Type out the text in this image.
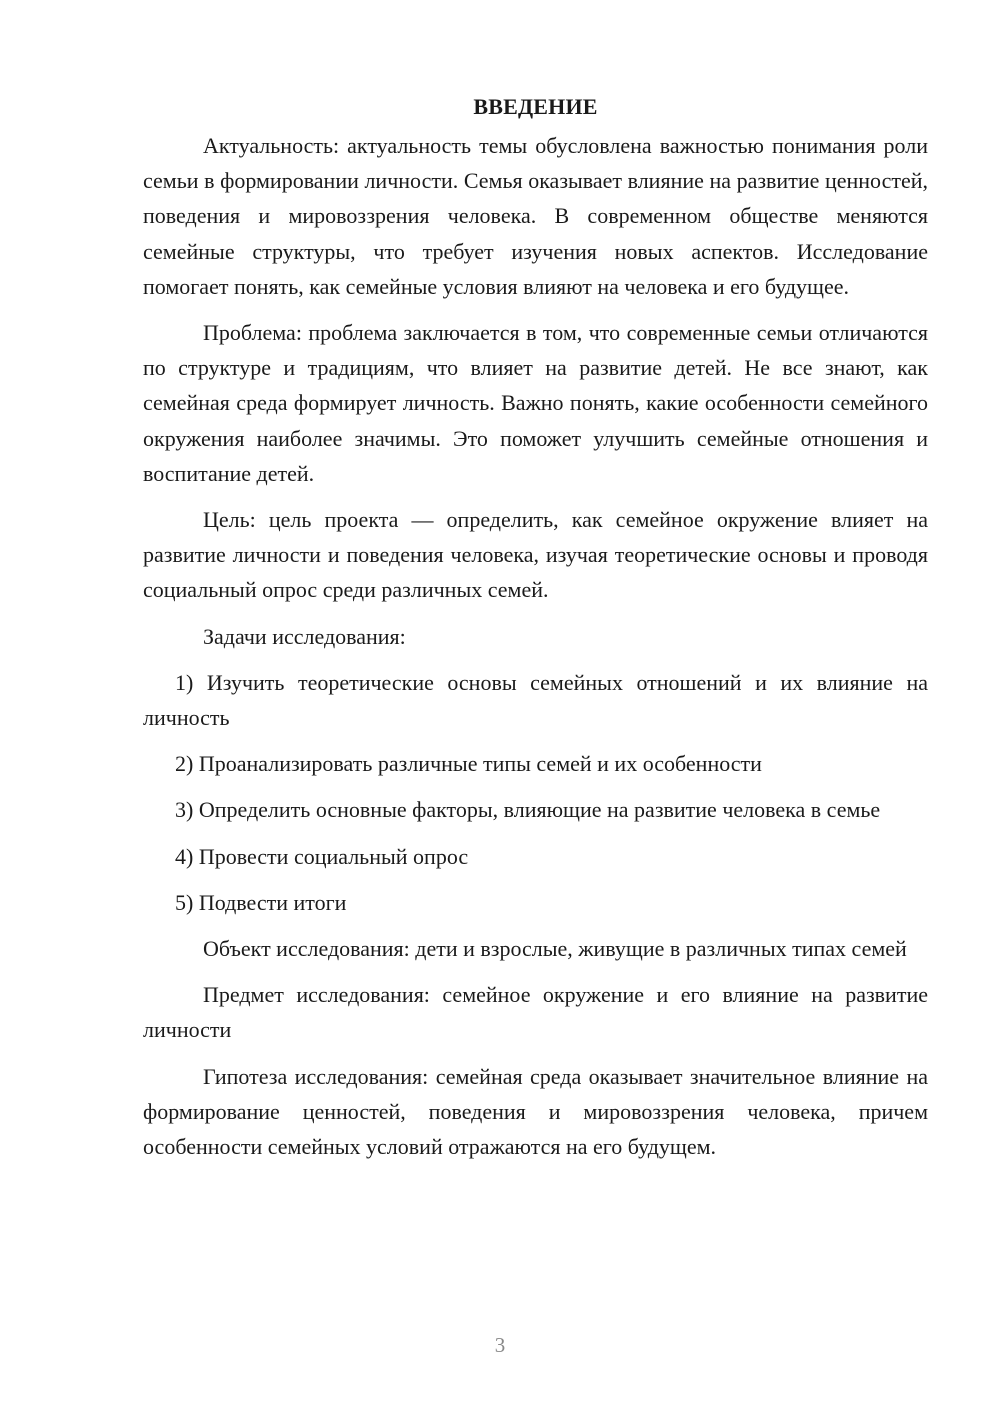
ВВЕДЕНИЕ

Актуальность: актуальность темы обусловлена важностью понимания роли семьи в формировании личности. Семья оказывает влияние на развитие ценностей, поведения и мировоззрения человека. В современном обществе меняются семейные структуры, что требует изучения новых аспектов. Исследование помогает понять, как семейные условия влияют на человека и его будущее.

Проблема: проблема заключается в том, что современные семьи отличаются по структуре и традициям, что влияет на развитие детей. Не все знают, как семейная среда формирует личность. Важно понять, какие особенности семейного окружения наиболее значимы. Это поможет улучшить семейные отношения и воспитание детей.

Цель: цель проекта — определить, как семейное окружение влияет на развитие личности и поведения человека, изучая теоретические основы и проводя социальный опрос среди различных семей.

Задачи исследования:

1) Изучить теоретические основы семейных отношений и их влияние на личность

2) Проанализировать различные типы семей и их особенности

3) Определить основные факторы, влияющие на развитие человека в семье

4) Провести социальный опрос

5) Подвести итоги

Объект исследования: дети и взрослые, живущие в различных типах семей

Предмет исследования: семейное окружение и его влияние на развитие личности

Гипотеза исследования: семейная среда оказывает значительное влияние на формирование ценностей, поведения и мировоззрения человека, причем особенности семейных условий отражаются на его будущем.

3
